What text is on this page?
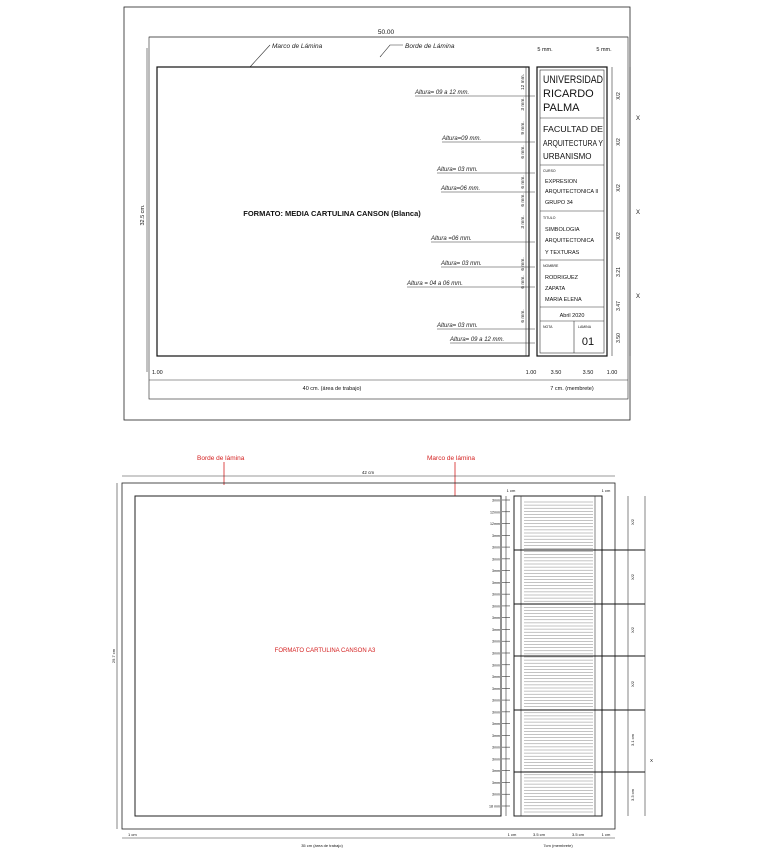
50.00
Marco de Lámina	Borde de Lámina	5 mm.	5 mm.
32.5 cm.	FORMATO: MEDIA CARTULINA CANSON (Blanca)
Altura= 09 a 12 mm.
Altura=09 mm.
Altura= 03 mm.
Altura=06 mm.
Altura =06 mm.
Altura= 03 mm.
Altura = 04 a 06 mm.
Altura= 03 mm.
Altura= 09 a 12 mm.
12 mm.
3 mm.
9 mm.
6 mm.
6 mm.
6 mm.
3 mm.
6 mm.
6 mm.
6 mm.
UNIVERSIDAD
RICARDO
PALMA
FACULTAD DE
ARQUITECTURA Y
URBANISMO
CURSO
EXPRESION
ARQUITECTONICA II
GRUPO 34
TITULO
SIMBOLOGIA
ARQUITECTONICA
Y TEXTURAS
NOMBRE
RODRIGUEZ
ZAPATA
MARIA ELENA
Abril 2020
NOTA	LAMINA
01
X/2
X/2
X/2
X/2
3.21
3.47
3.50
X
X
X
1.00
40 cm. (área de trabajo)
1.00	3.50	3.50 1.00
7 cm. (membrete)
Borde de lámina	Marco de lámina
42 cm
FORMATO CARTULINA CANSON A3
29.7 cm
3mm
12mm
12mm
3mm
3mm
3mm
3mm
3mm
3mm
3mm
3mm
3mm
3mm
3mm
3mm
3mm
3mm
3mm
3mm
3mm
3mm
3mm
3mm
3mm
3mm
3mm
18 mm
X/2
X/2
X/2
X/2
3.1 cm
3.3 cm
X
1 cm	1 cm
1 cm
35 cm (área de trabajo)
1 cm	3.5 cm	3.5 cm	1 cm
7cm (membrete)
